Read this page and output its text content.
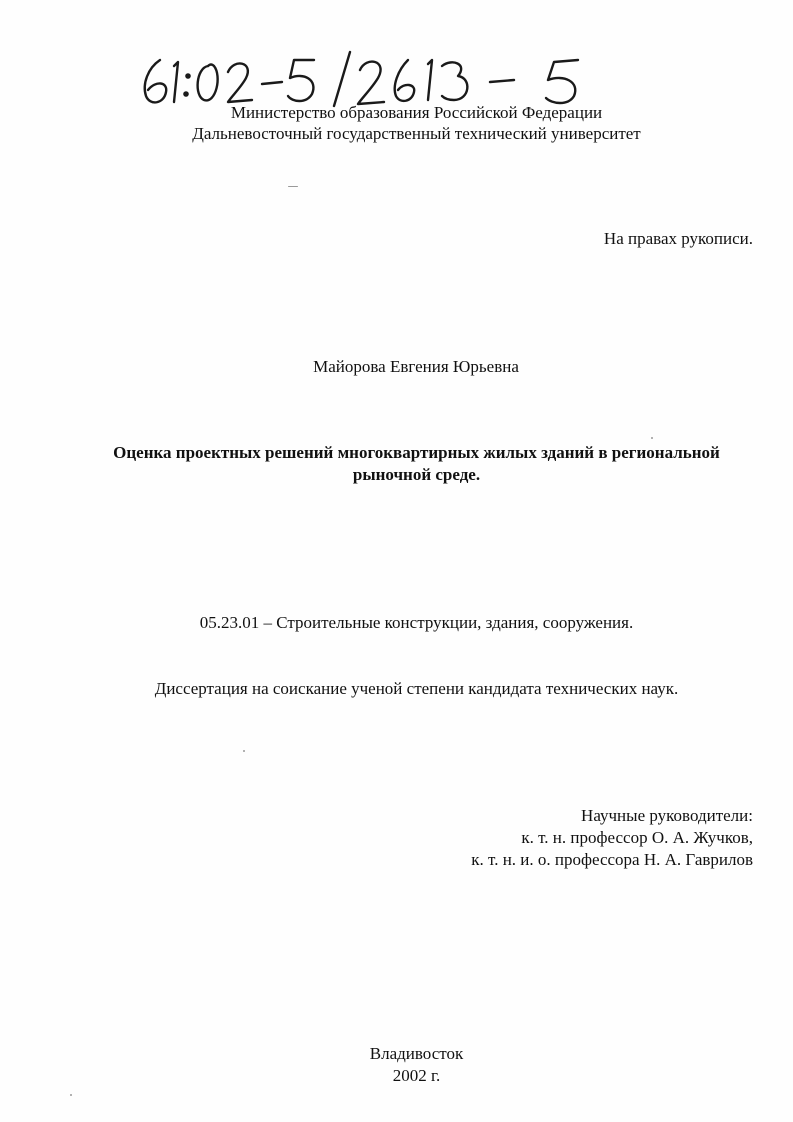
Министерство образования Российской Федерации
Дальневосточный государственный технический университет
На правах рукописи.
Майорова Евгения Юрьевна
Оценка проектных решений многоквартирных жилых зданий в региональной
рыночной среде.
05.23.01 – Строительные конструкции, здания, сооружения.
Диссертация на соискание ученой степени кандидата технических наук.
Научные руководители:
к. т. н. профессор О. А. Жучков,
к. т. н. и. о. профессора Н. А. Гаврилов
Владивосток
2002 г.
